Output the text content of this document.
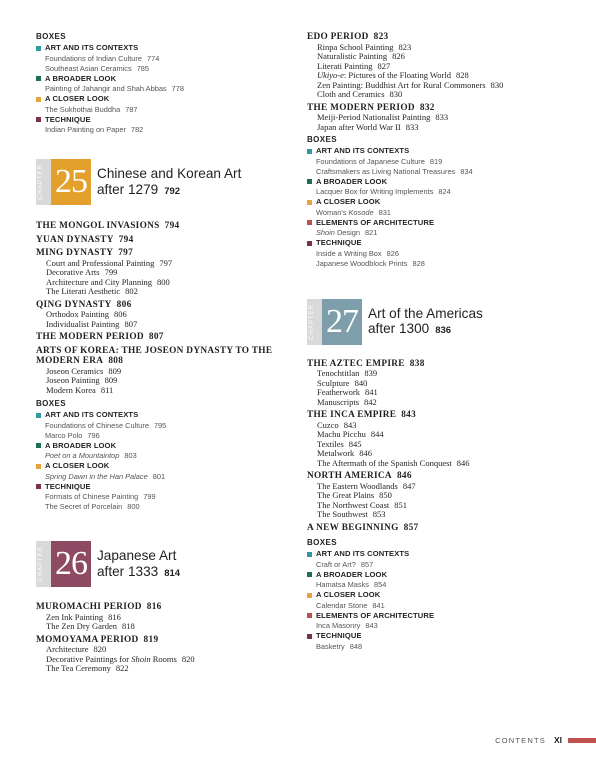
BOXES
ART AND ITS CONTEXTS
Foundations of Indian Culture 774
Southeast Asian Ceramics 785
A BROADER LOOK
Painting of Jahangir and Shah Abbas 778
A CLOSER LOOK
The Sukhothai Buddha 787
TECHNIQUE
Indian Painting on Paper 782
CHAPTER 25 Chinese and Korean Art
after 1279 792
THE MONGOL INVASIONS 794
YUAN DYNASTY 794
MING DYNASTY 797
Court and Professional Painting 797
Decorative Arts 799
Architecture and City Planning 800
The Literati Aesthetic 802
QING DYNASTY 806
Orthodox Painting 806
Individualist Painting 807
THE MODERN PERIOD 807
ARTS OF KOREA: THE JOSEON DYNASTY TO THE
MODERN ERA 808
Joseon Ceramics 809
Joseon Painting 809
Modern Korea 811
BOXES
ART AND ITS CONTEXTS
Foundations of Chinese Culture 795
Marco Polo 796
A BROADER LOOK
Poet on a Mountaintop 803
A CLOSER LOOK
Spring Dawn in the Han Palace 801
TECHNIQUE
Formats of Chinese Painting 799
The Secret of Porcelain 800
CHAPTER 26 Japanese Art
after 1333 814
MUROMACHI PERIOD 816
Zen Ink Painting 816
The Zen Dry Garden 818
MOMOYAMA PERIOD 819
Architecture 820
Decorative Paintings for Shoin Rooms 820
The Tea Ceremony 822
EDO PERIOD 823
Rinpa School Painting 823
Naturalistic Painting 826
Literati Painting 827
Ukiyo-e: Pictures of the Floating World 828
Zen Painting: Buddhist Art for Rural Commoners 830
Cloth and Ceramics 830
THE MODERN PERIOD 832
Meiji-Period Nationalist Painting 833
Japan after World War II 833
BOXES
ART AND ITS CONTEXTS
Foundations of Japanese Culture 819
Craftsmakers as Living National Treasures 834
A BROADER LOOK
Lacquer Box for Writing Implements 824
A CLOSER LOOK
Woman's Kosode 831
ELEMENTS OF ARCHITECTURE
Shoin Design 821
TECHNIQUE
Inside a Writing Box 826
Japanese Woodblock Prints 828
CHAPTER 27 Art of the Americas
after 1300 836
THE AZTEC EMPIRE 838
Tenochtitlan 839
Sculpture 840
Featherwork 841
Manuscripts 842
THE INCA EMPIRE 843
Cuzco 843
Machu Picchu 844
Textiles 845
Metalwork 846
The Aftermath of the Spanish Conquest 846
NORTH AMERICA 846
The Eastern Woodlands 847
The Great Plains 850
The Northwest Coast 851
The Southwest 853
A NEW BEGINNING 857
BOXES
ART AND ITS CONTEXTS
Craft or Art? 857
A BROADER LOOK
Hamatsa Masks 854
A CLOSER LOOK
Calendar Stone 841
ELEMENTS OF ARCHITECTURE
Inca Masonry 843
TECHNIQUE
Basketry 848
CONTENTS XI
